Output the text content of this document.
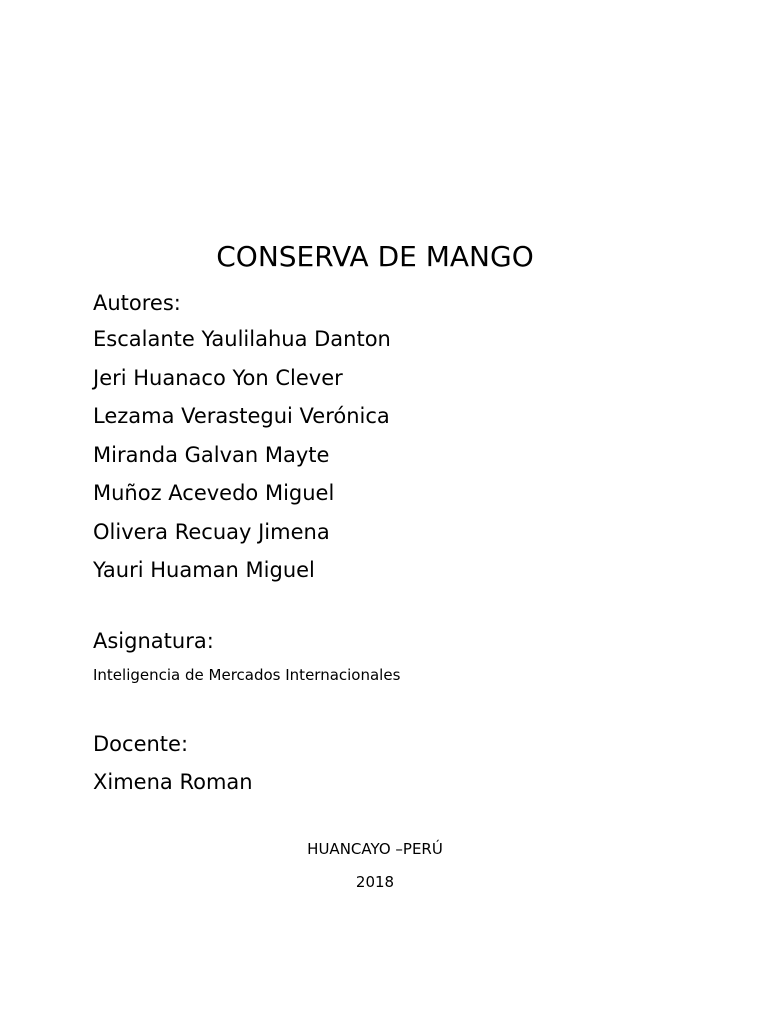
CONSERVA DE MANGO

Autores:

Escalante Yaulilahua Danton
Jeri Huanaco Yon Clever
Lezama Verastegui Verónica
Miranda Galvan Mayte
Muñoz Acevedo Miguel
Olivera Recuay Jimena
Yauri Huaman Miguel

Asignatura:

Inteligencia de Mercados Internacionales

Docente:

Ximena Roman
HUANCAYO –PERÚ
2018
